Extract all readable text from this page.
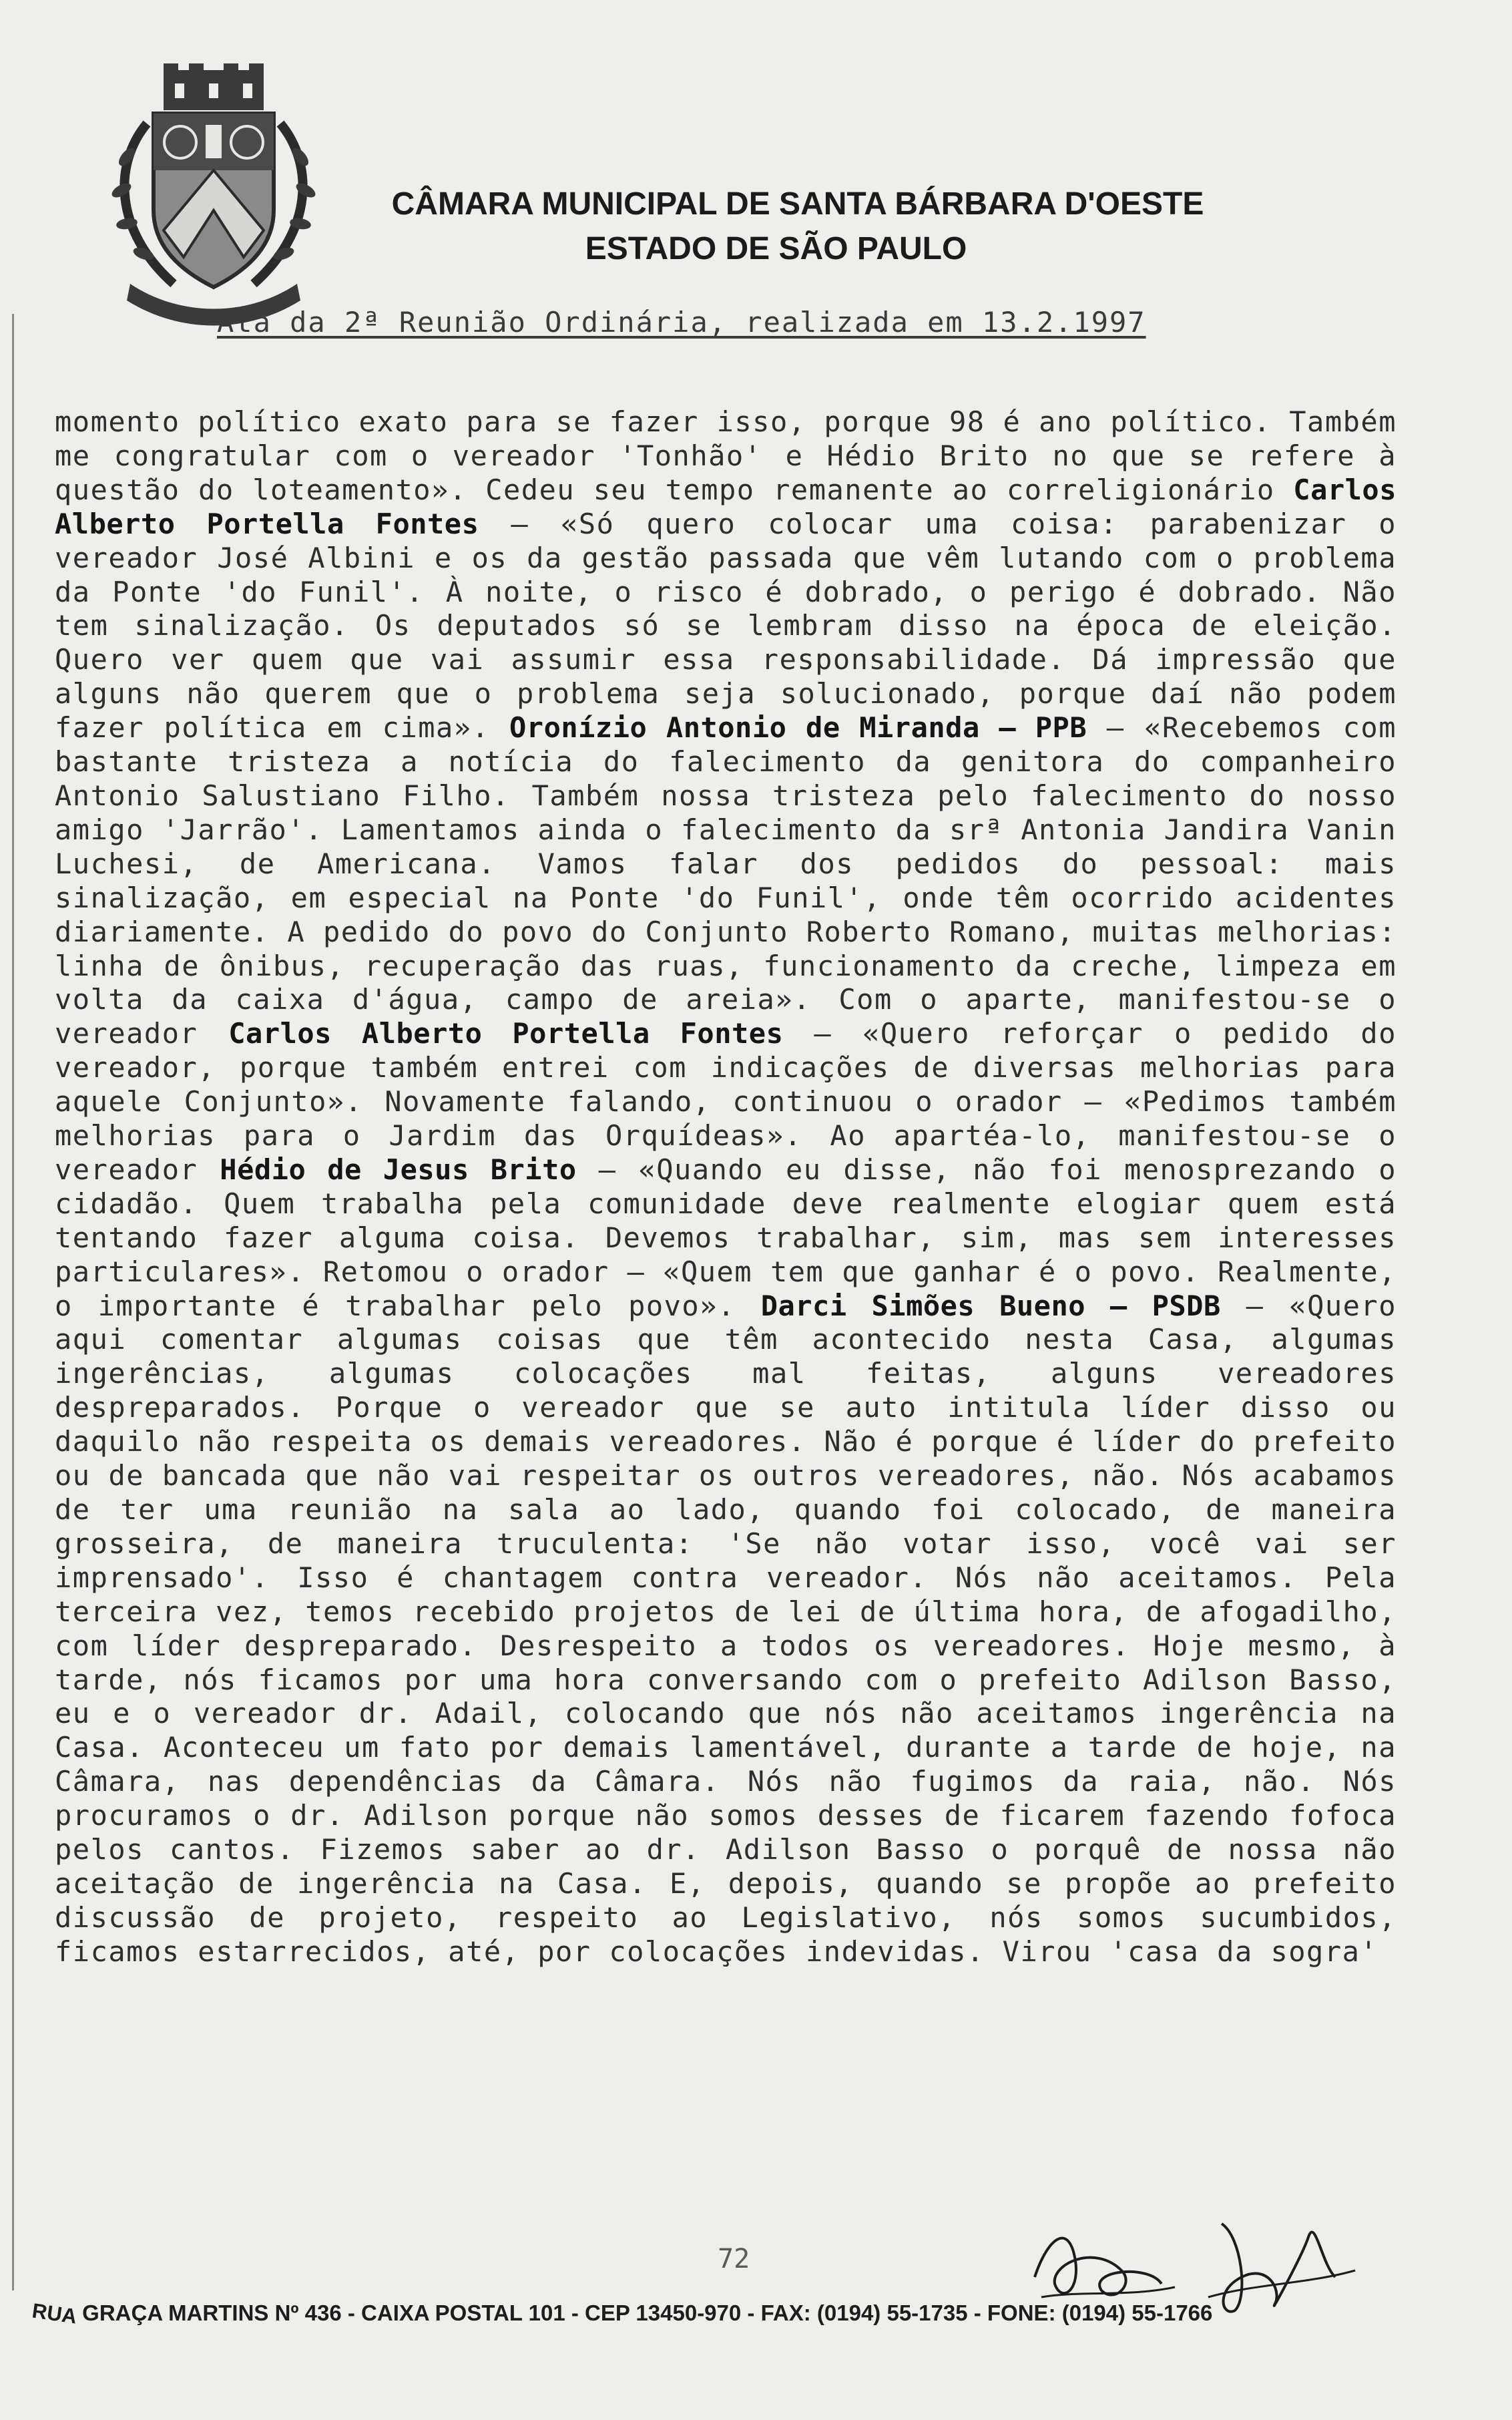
CÂMARA MUNICIPAL DE SANTA BÁRBARA D'OESTE
ESTADO DE SÃO PAULO
Ata da 2ª Reunião Ordinária, realizada em 13.2.1997
momento político exato para se fazer isso, porque 98 é ano político. Também me congratular com o vereador 'Tonhão' e Hédio Brito no que se refere à questão do loteamento». Cedeu seu tempo remanente ao correligionário Carlos Alberto Portella Fontes – «Só quero colocar uma coisa: parabenizar o vereador José Albini e os da gestão passada que vêm lutando com o problema da Ponte 'do Funil'. À noite, o risco é dobrado, o perigo é dobrado. Não tem sinalização. Os deputados só se lembram disso na época de eleição. Quero ver quem que vai assumir essa responsabilidade. Dá impressão que alguns não querem que o problema seja solucionado, porque daí não podem fazer política em cima». Oronízio Antonio de Miranda – PPB – «Recebemos com bastante tristeza a notícia do falecimento da genitora do companheiro Antonio Salustiano Filho. Também nossa tristeza pelo falecimento do nosso amigo 'Jarrão'. Lamentamos ainda o falecimento da srª Antonia Jandira Vanin Luchesi, de Americana. Vamos falar dos pedidos do pessoal: mais sinalização, em especial na Ponte 'do Funil', onde têm ocorrido acidentes diariamente. A pedido do povo do Conjunto Roberto Romano, muitas melhorias: linha de ônibus, recuperação das ruas, funcionamento da creche, limpeza em volta da caixa d'água, campo de areia». Com o aparte, manifestou-se o vereador Carlos Alberto Portella Fontes – «Quero reforçar o pedido do vereador, porque também entrei com indicações de diversas melhorias para aquele Conjunto». Novamente falando, continuou o orador – «Pedimos também melhorias para o Jardim das Orquídeas». Ao apartéa-lo, manifestou-se o vereador Hédio de Jesus Brito – «Quando eu disse, não foi menosprezando o cidadão. Quem trabalha pela comunidade deve realmente elogiar quem está tentando fazer alguma coisa. Devemos trabalhar, sim, mas sem interesses particulares». Retomou o orador – «Quem tem que ganhar é o povo. Realmente, o importante é trabalhar pelo povo». Darci Simões Bueno – PSDB – «Quero aqui comentar algumas coisas que têm acontecido nesta Casa, algumas ingerências, algumas colocações mal feitas, alguns vereadores despreparados. Porque o vereador que se auto intitula líder disso ou daquilo não respeita os demais vereadores. Não é porque é líder do prefeito ou de bancada que não vai respeitar os outros vereadores, não. Nós acabamos de ter uma reunião na sala ao lado, quando foi colocado, de maneira grosseira, de maneira truculenta: 'Se não votar isso, você vai ser imprensado'. Isso é chantagem contra vereador. Nós não aceitamos. Pela terceira vez, temos recebido projetos de lei de última hora, de afogadilho, com líder despreparado. Desrespeito a todos os vereadores. Hoje mesmo, à tarde, nós ficamos por uma hora conversando com o prefeito Adilson Basso, eu e o vereador dr. Adail, colocando que nós não aceitamos ingerência na Casa. Aconteceu um fato por demais lamentável, durante a tarde de hoje, na Câmara, nas dependências da Câmara. Nós não fugimos da raia, não. Nós procuramos o dr. Adilson porque não somos desses de ficarem fazendo fofoca pelos cantos. Fizemos saber ao dr. Adilson Basso o porquê de nossa não aceitação de ingerência na Casa. E, depois, quando se propõe ao prefeito discussão de projeto, respeito ao Legislativo, nós somos sucumbidos, ficamos estarrecidos, até, por colocações indevidas. Virou 'casa da sogra'
72
RUA GRAÇA MARTINS Nº 436 - CAIXA POSTAL 101 - CEP 13450-970 - FAX: (0194) 55-1735 - FONE: (0194) 55-1766
